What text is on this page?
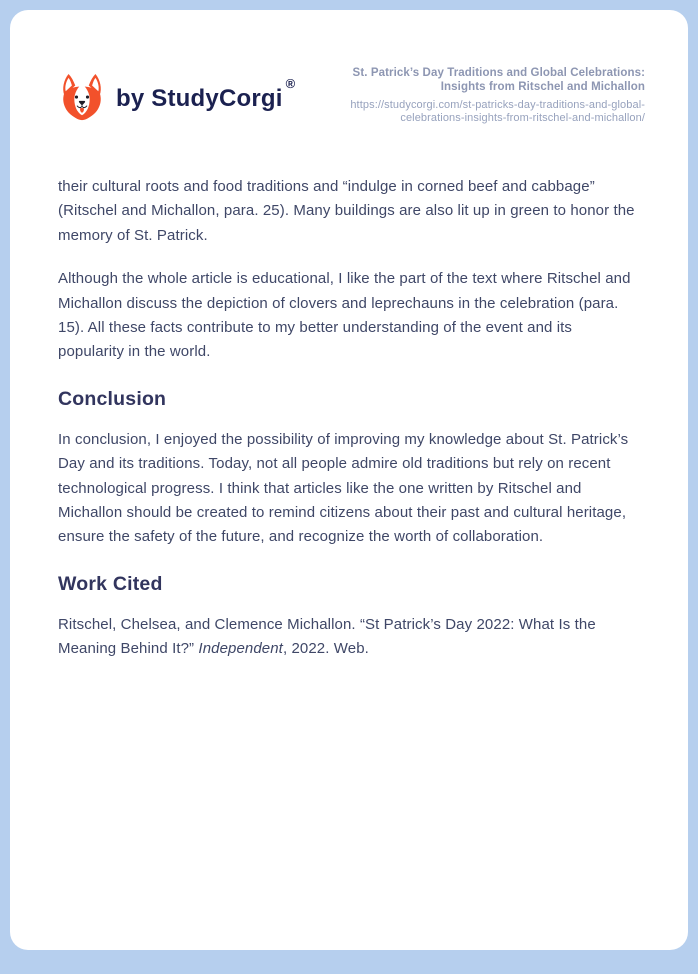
by StudyCorgi
®
St. Patrick’s Day Traditions and Global Celebrations:
Insights from Ritschel and Michallon
https://studycorgi.com/st-patricks-day-traditions-and-global-
celebrations-insights-from-ritschel-and-michallon/

their cultural roots and food traditions and “indulge in corned beef and cabbage” (Ritschel and Michallon, para. 25). Many buildings are also lit up in green to honor the memory of St. Patrick.

Although the whole article is educational, I like the part of the text where Ritschel and Michallon discuss the depiction of clovers and leprechauns in the celebration (para. 15). All these facts contribute to my better understanding of the event and its popularity in the world.

Conclusion

In conclusion, I enjoyed the possibility of improving my knowledge about St. Patrick’s Day and its traditions. Today, not all people admire old traditions but rely on recent technological progress. I think that articles like the one written by Ritschel and Michallon should be created to remind citizens about their past and cultural heritage, ensure the safety of the future, and recognize the worth of collaboration.

Work Cited

Ritschel, Chelsea, and Clemence Michallon. “St Patrick’s Day 2022: What Is the Meaning Behind It?” Independent, 2022. Web.
